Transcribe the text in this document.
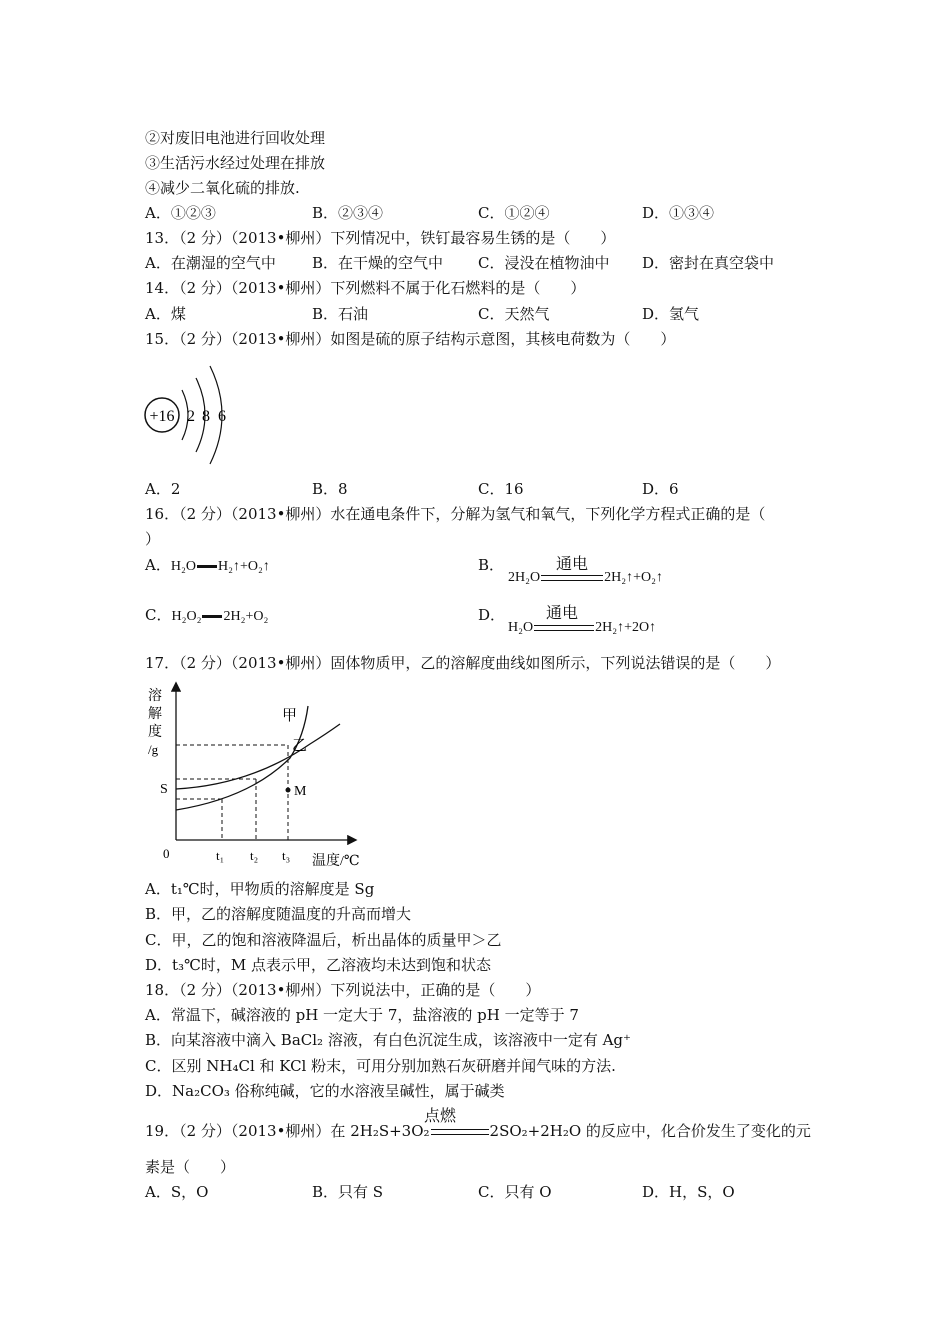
②对废旧电池进行回收处理
③生活污水经过处理在排放
④减少二氧化硫的排放.
A．①②③	B．②③④	C．①②④	D．①③④
13．（2 分）（2013•柳州）下列情况中，铁钉最容易生锈的是（　　）
A．在潮湿的空气中 B．在干燥的空气中 C．浸没在植物油中 D．密封在真空袋中
14．（2 分）（2013•柳州）下列燃料不属于化石燃料的是（　　）
A．煤	B．石油	C．天然气	D．氢气
15．（2 分）（2013•柳州）如图是硫的原子结构示意图，其核电荷数为（　　）
+16 2 8 6
A．2	B．8	C．16	D．6
16．（2 分）（2013•柳州）水在通电条件下，分解为氢气和氧气，下列化学方程式正确的是（
）
A．H₂O H₂↑+O₂↑	B．	通电
2H₂O	2H₂↑+O₂↑
C．H₂O₂ 2H₂+O₂	D．	通电
H₂O	2H₂↑+2O↑
17．（2 分）（2013•柳州）固体物质甲，乙的溶解度曲线如图所示，下列说法错误的是（　　）
溶
解
度
/g
0
S
甲
乙
M
t₁ t₂ t₃ 温度/℃
A．t₁℃时，甲物质的溶解度是 Sg
B．甲，乙的溶解度随温度的升高而增大
C．甲，乙的饱和溶液降温后，析出晶体的质量甲＞乙
D．t₃℃时，M 点表示甲，乙溶液均未达到饱和状态
18．（2 分）（2013•柳州）下列说法中，正确的是（　　）
A．常温下，碱溶液的 pH 一定大于 7，盐溶液的 pH 一定等于 7
B．向某溶液中滴入 BaCl₂ 溶液，有白色沉淀生成，该溶液中一定有 Ag⁺
C．区别 NH₄Cl 和 KCl 粉末，可用分别加熟石灰研磨并闻气味的方法.
D．Na₂CO₃ 俗称纯碱，它的水溶液呈碱性，属于碱类
点燃
19．（2 分）（2013•柳州）在 2H₂S+3O₂	2SO₂+2H₂O 的反应中，化合价发生了变化的元
素是（　　）
A．S，O	B．只有 S	C．只有 O	D．H，S，O
